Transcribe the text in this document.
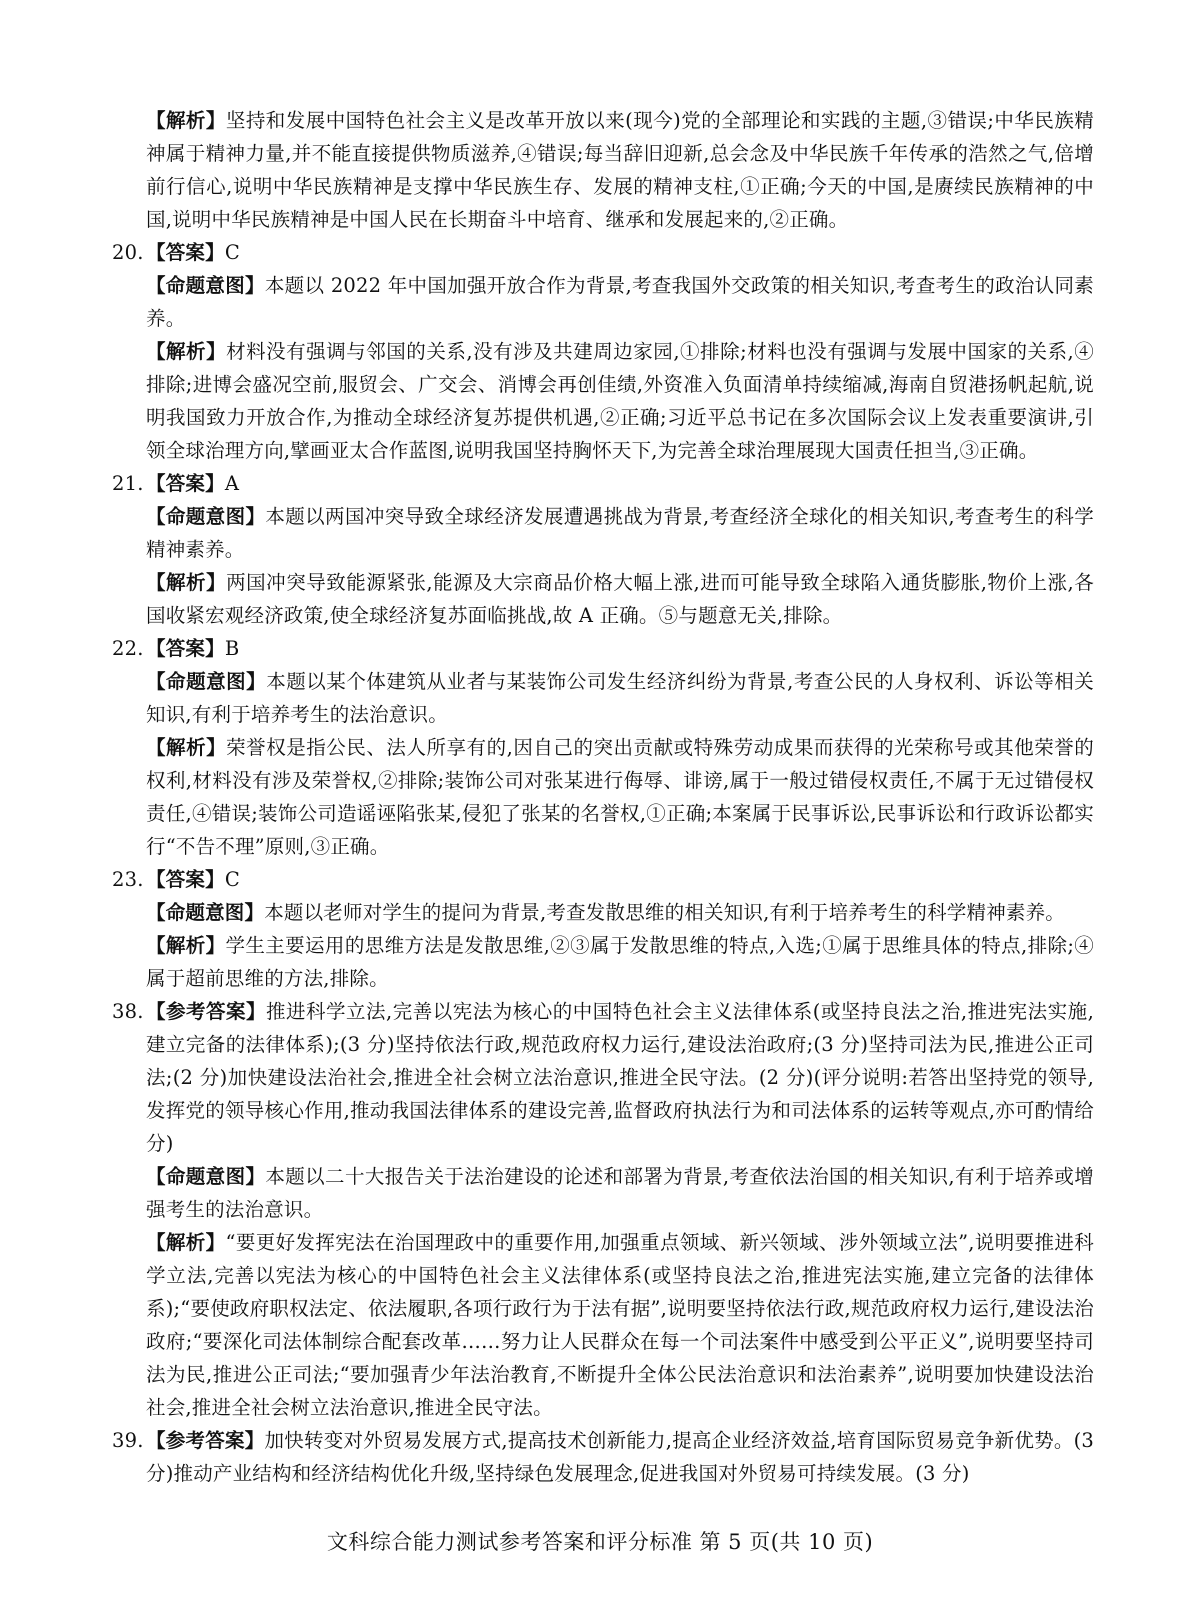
【解析】坚持和发展中国特色社会主义是改革开放以来(现今)党的全部理论和实践的主题,③错误;中华民族精神属于精神力量,并不能直接提供物质滋养,④错误;每当辞旧迎新,总会念及中华民族千年传承的浩然之气,倍增前行信心,说明中华民族精神是支撑中华民族生存、发展的精神支柱,①正确;今天的中国,是赓续民族精神的中国,说明中华民族精神是中国人民在长期奋斗中培育、继承和发展起来的,②正确。

20. 【答案】C

【命题意图】本题以 2022 年中国加强开放合作为背景,考查我国外交政策的相关知识,考查考生的政治认同素养。

【解析】材料没有强调与邻国的关系,没有涉及共建周边家园,①排除;材料也没有强调与发展中国家的关系,④排除;进博会盛况空前,服贸会、广交会、消博会再创佳绩,外资准入负面清单持续缩减,海南自贸港扬帆起航,说明我国致力开放合作,为推动全球经济复苏提供机遇,②正确;习近平总书记在多次国际会议上发表重要演讲,引领全球治理方向,擘画亚太合作蓝图,说明我国坚持胸怀天下,为完善全球治理展现大国责任担当,③正确。

21. 【答案】A

【命题意图】本题以两国冲突导致全球经济发展遭遇挑战为背景,考查经济全球化的相关知识,考查考生的科学精神素养。

【解析】两国冲突导致能源紧张,能源及大宗商品价格大幅上涨,进而可能导致全球陷入通货膨胀,物价上涨,各国收紧宏观经济政策,使全球经济复苏面临挑战,故 A 正确。⑤与题意无关,排除。

22. 【答案】B

【命题意图】本题以某个体建筑从业者与某装饰公司发生经济纠纷为背景,考查公民的人身权利、诉讼等相关知识,有利于培养考生的法治意识。

【解析】荣誉权是指公民、法人所享有的,因自己的突出贡献或特殊劳动成果而获得的光荣称号或其他荣誉的权利,材料没有涉及荣誉权,②排除;装饰公司对张某进行侮辱、诽谤,属于一般过错侵权责任,不属于无过错侵权责任,④错误;装饰公司造谣诬陷张某,侵犯了张某的名誉权,①正确;本案属于民事诉讼,民事诉讼和行政诉讼都实行“不告不理”原则,③正确。

23. 【答案】C

【命题意图】本题以老师对学生的提问为背景,考查发散思维的相关知识,有利于培养考生的科学精神素养。

【解析】学生主要运用的思维方法是发散思维,②③属于发散思维的特点,入选;①属于思维具体的特点,排除;④属于超前思维的方法,排除。

38. 【参考答案】推进科学立法,完善以宪法为核心的中国特色社会主义法律体系(或坚持良法之治,推进宪法实施,建立完备的法律体系);(3 分)坚持依法行政,规范政府权力运行,建设法治政府;(3 分)坚持司法为民,推进公正司法;(2 分)加快建设法治社会,推进全社会树立法治意识,推进全民守法。(2 分)(评分说明:若答出坚持党的领导,发挥党的领导核心作用,推动我国法律体系的建设完善,监督政府执法行为和司法体系的运转等观点,亦可酌情给分)

【命题意图】本题以二十大报告关于法治建设的论述和部署为背景,考查依法治国的相关知识,有利于培养或增强考生的法治意识。

【解析】“要更好发挥宪法在治国理政中的重要作用,加强重点领域、新兴领域、涉外领域立法”,说明要推进科学立法,完善以宪法为核心的中国特色社会主义法律体系(或坚持良法之治,推进宪法实施,建立完备的法律体系);“要使政府职权法定、依法履职,各项行政行为于法有据”,说明要坚持依法行政,规范政府权力运行,建设法治政府;“要深化司法体制综合配套改革……努力让人民群众在每一个司法案件中感受到公平正义”,说明要坚持司法为民,推进公正司法;“要加强青少年法治教育,不断提升全体公民法治意识和法治素养”,说明要加快建设法治社会,推进全社会树立法治意识,推进全民守法。

39. 【参考答案】加快转变对外贸易发展方式,提高技术创新能力,提高企业经济效益,培育国际贸易竞争新优势。(3 分)推动产业结构和经济结构优化升级,坚持绿色发展理念,促进我国对外贸易可持续发展。(3 分)
文科综合能力测试参考答案和评分标准 第 5 页(共 10 页)
